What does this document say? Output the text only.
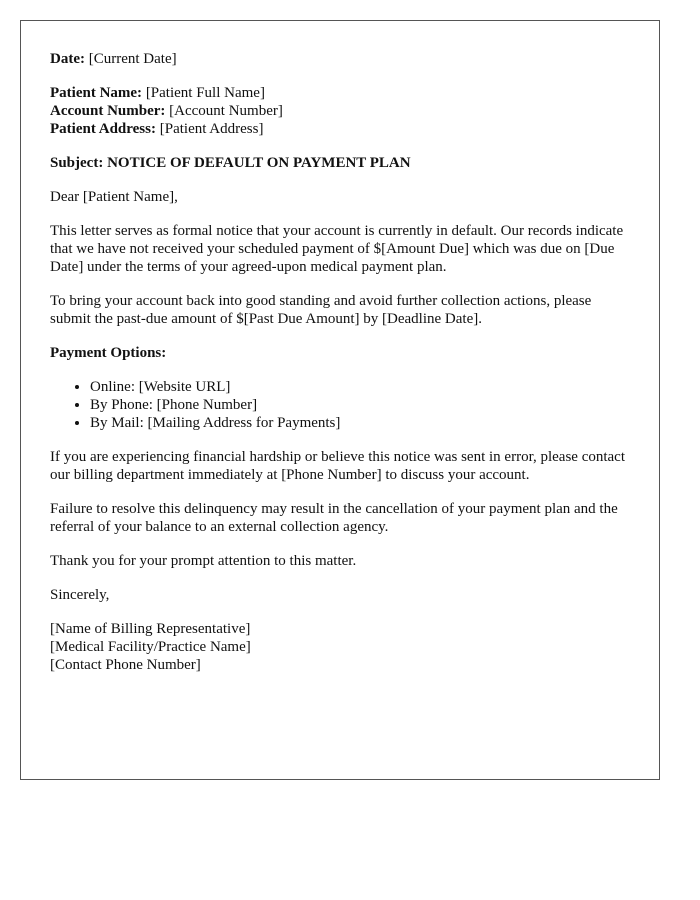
Date: [Current Date]
Patient Name: [Patient Full Name]
Account Number: [Account Number]
Patient Address: [Patient Address]
Subject: NOTICE OF DEFAULT ON PAYMENT PLAN
Dear [Patient Name],
This letter serves as formal notice that your account is currently in default. Our records indicate that we have not received your scheduled payment of $[Amount Due] which was due on [Due Date] under the terms of your agreed-upon medical payment plan.
To bring your account back into good standing and avoid further collection actions, please submit the past-due amount of $[Past Due Amount] by [Deadline Date].
Payment Options:
• Online: [Website URL]
• By Phone: [Phone Number]
• By Mail: [Mailing Address for Payments]
If you are experiencing financial hardship or believe this notice was sent in error, please contact our billing department immediately at [Phone Number] to discuss your account.
Failure to resolve this delinquency may result in the cancellation of your payment plan and the referral of your balance to an external collection agency.
Thank you for your prompt attention to this matter.
Sincerely,
[Name of Billing Representative]
[Medical Facility/Practice Name]
[Contact Phone Number]
